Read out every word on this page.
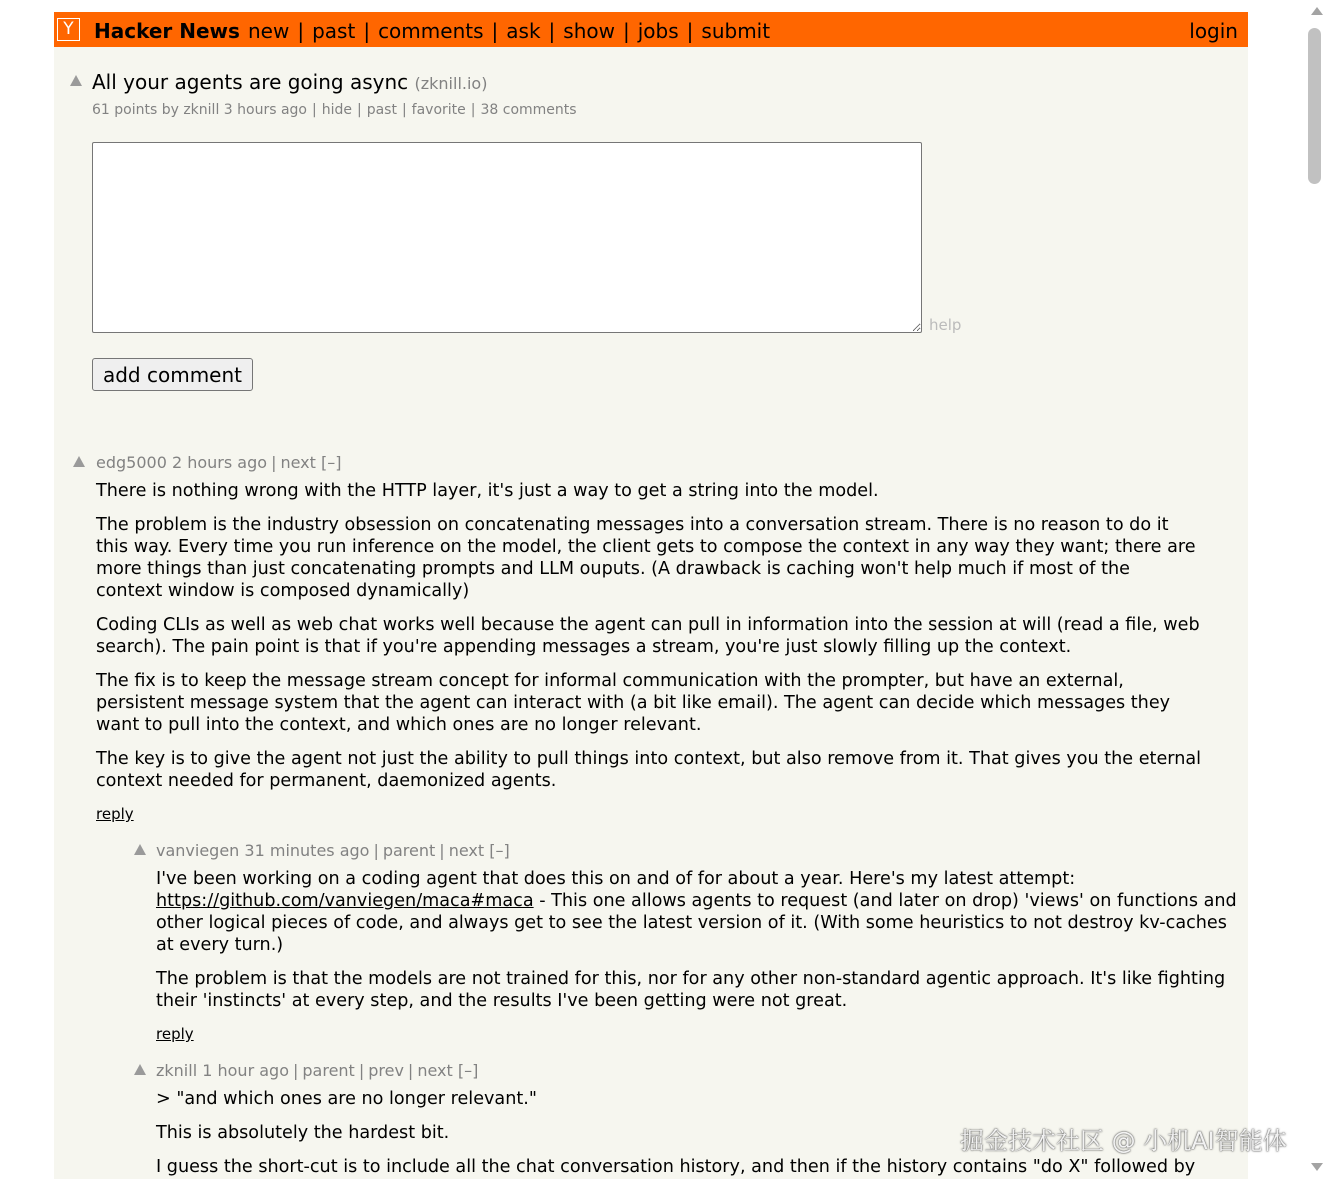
Y	Hacker News new | past | comments | ask | show | jobs | submit	login
All your agents are going async (zknill.io)
61 points by zknill 3 hours ago | hide | past | favorite | 38 comments
help
add comment
edg5000 2 hours ago | next [–]

There is nothing wrong with the HTTP layer, it's just a way to get a string into the model.

The problem is the industry obsession on concatenating messages into a conversation stream. There is no reason to do it this way. Every time you run inference on the model, the client gets to compose the context in any way they want; there are more things than just concatenating prompts and LLM ouputs. (A drawback is caching won't help much if most of the context window is composed dynamically)

Coding CLIs as well as web chat works well because the agent can pull in information into the session at will (read a file, web search). The pain point is that if you're appending messages a stream, you're just slowly filling up the context.

The fix is to keep the message stream concept for informal communication with the prompter, but have an external, persistent message system that the agent can interact with (a bit like email). The agent can decide which messages they want to pull into the context, and which ones are no longer relevant.

The key is to give the agent not just the ability to pull things into context, but also remove from it. That gives you the eternal context needed for permanent, daemonized agents.

reply
vanviegen 31 minutes ago | parent | next [–]

I've been working on a coding agent that does this on and of for about a year. Here's my latest attempt: https://github.com/vanviegen/maca#maca - This one allows agents to request (and later on drop) 'views' on functions and other logical pieces of code, and always get to see the latest version of it. (With some heuristics to not destroy kv-caches at every turn.)

The problem is that the models are not trained for this, nor for any other non-standard agentic approach. It's like fighting their 'instincts' at every step, and the results I've been getting were not great.

reply
zknill 1 hour ago | parent | prev | next [–]

> "and which ones are no longer relevant."

This is absolutely the hardest bit.

I guess the short-cut is to include all the chat conversation history, and then if the history contains "do X" followed by

掘金技术社区 @ 小机AI智能体
